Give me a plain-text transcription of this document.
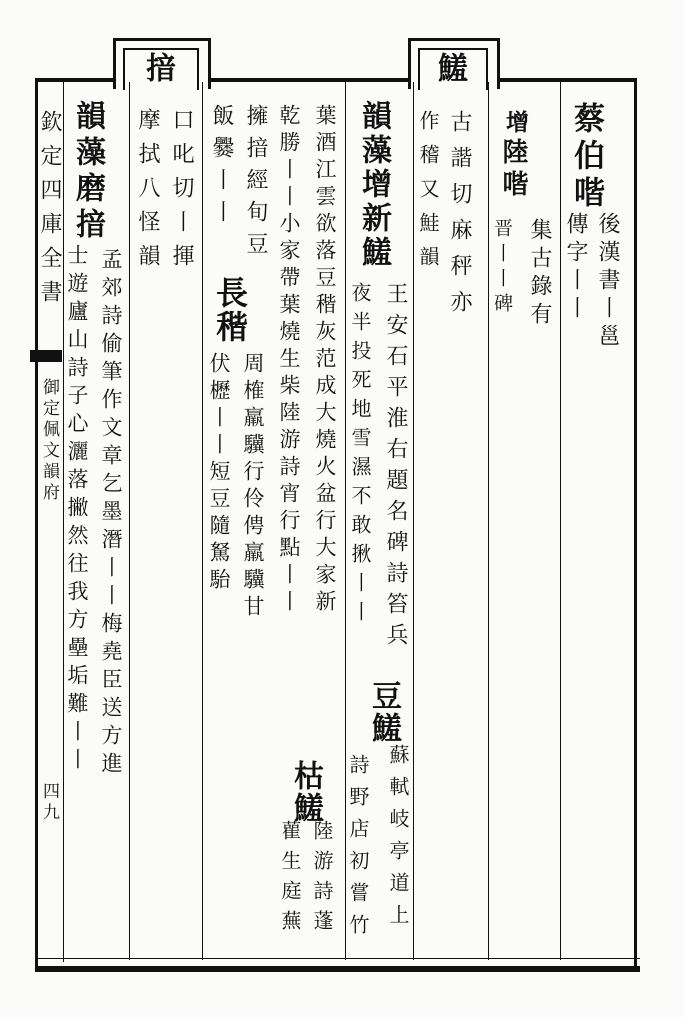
揞	鱃
欽定四庫全書
御定佩文韻府
四九
蔡伯喈
後漢書丨邕
傳字丨丨
增
陸喈
集古錄有
晋丨丨碑
古諧切麻秤亦
作稽又鮭韻
韻藻增新鱃
王安石平淮右題名碑詩笞兵
夜半投死地雪濕不敢揪丨丨
豆鱃
蘇軾岐亭道上
葉酒江雲欲落豆稭灰范成大燒火盆行大家新
詩野店初嘗竹
乾勝丨丨小家帶葉燒生柴陸游詩宵行點丨丨
枯鱃
陸游詩蓬
雚生庭蕪
擁揞經旬豆
飯爨丨丨
長稭
周榷羸驥行伶俜羸驥甘
伏櫪丨丨短豆隨駑駘
口叱切丨揮
摩拭八怪韻
韻藻磨揞
孟郊詩偷筆作文章乞墨潛丨丨梅堯臣送方進
士遊廬山詩子心灑落撇然往我方壘垢難丨丨
